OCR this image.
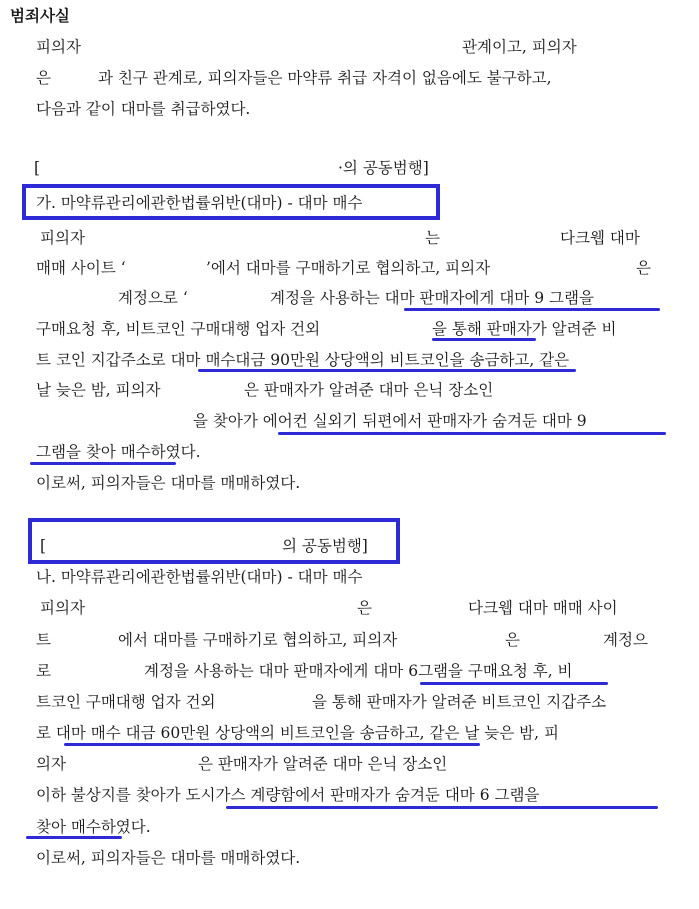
범죄사실
피의자	관계이고, 피의자
은	과 친구 관계로, 피의자들은 마약류 취급 자격이 없음에도 불구하고,
다음과 같이 대마를 취급하였다.
[	·의 공동범행]
가. 마약류관리에관한법률위반(대마) - 대마 매수
피의자	는	다크웹 대마
매매 사이트 ‘	’에서 대마를 구매하기로 협의하고, 피의자	은
계정으로 ‘	계정을 사용하는 대마 판매자에게 대마 9 그램을
구매요청 후, 비트코인 구매대행 업자 건외	을 통해 판매자가 알려준 비
트 코인 지갑주소로 대마 매수대금 90만원 상당액의 비트코인을 송금하고, 같은
날 늦은 밤, 피의자	은 판매자가 알려준 대마 은닉 장소인
을 찾아가 에어컨 실외기 뒤편에서 판매자가 숨겨둔 대마 9
그램을 찾아 매수하였다.
이로써, 피의자들은 대마를 매매하였다.
[	의 공동범행]
나. 마약류관리에관한법률위반(대마) - 대마 매수
피의자	은	다크웹 대마 매매 사이
트	에서 대마를 구매하기로 협의하고, 피의자	은	계정으
로	계정을 사용하는 대마 판매자에게 대마 6그램을 구매요청 후, 비
트코인 구매대행 업자 건외	을 통해 판매자가 알려준 비트코인 지갑주소
로 대마 매수 대금 60만원 상당액의 비트코인을 송금하고, 같은 날 늦은 밤, 피
의자	은 판매자가 알려준 대마 은닉 장소인
이하 불상지를 찾아가 도시가스 계량함에서 판매자가 숨겨둔 대마 6 그램을
찾아 매수하였다.
이로써, 피의자들은 대마를 매매하였다.
